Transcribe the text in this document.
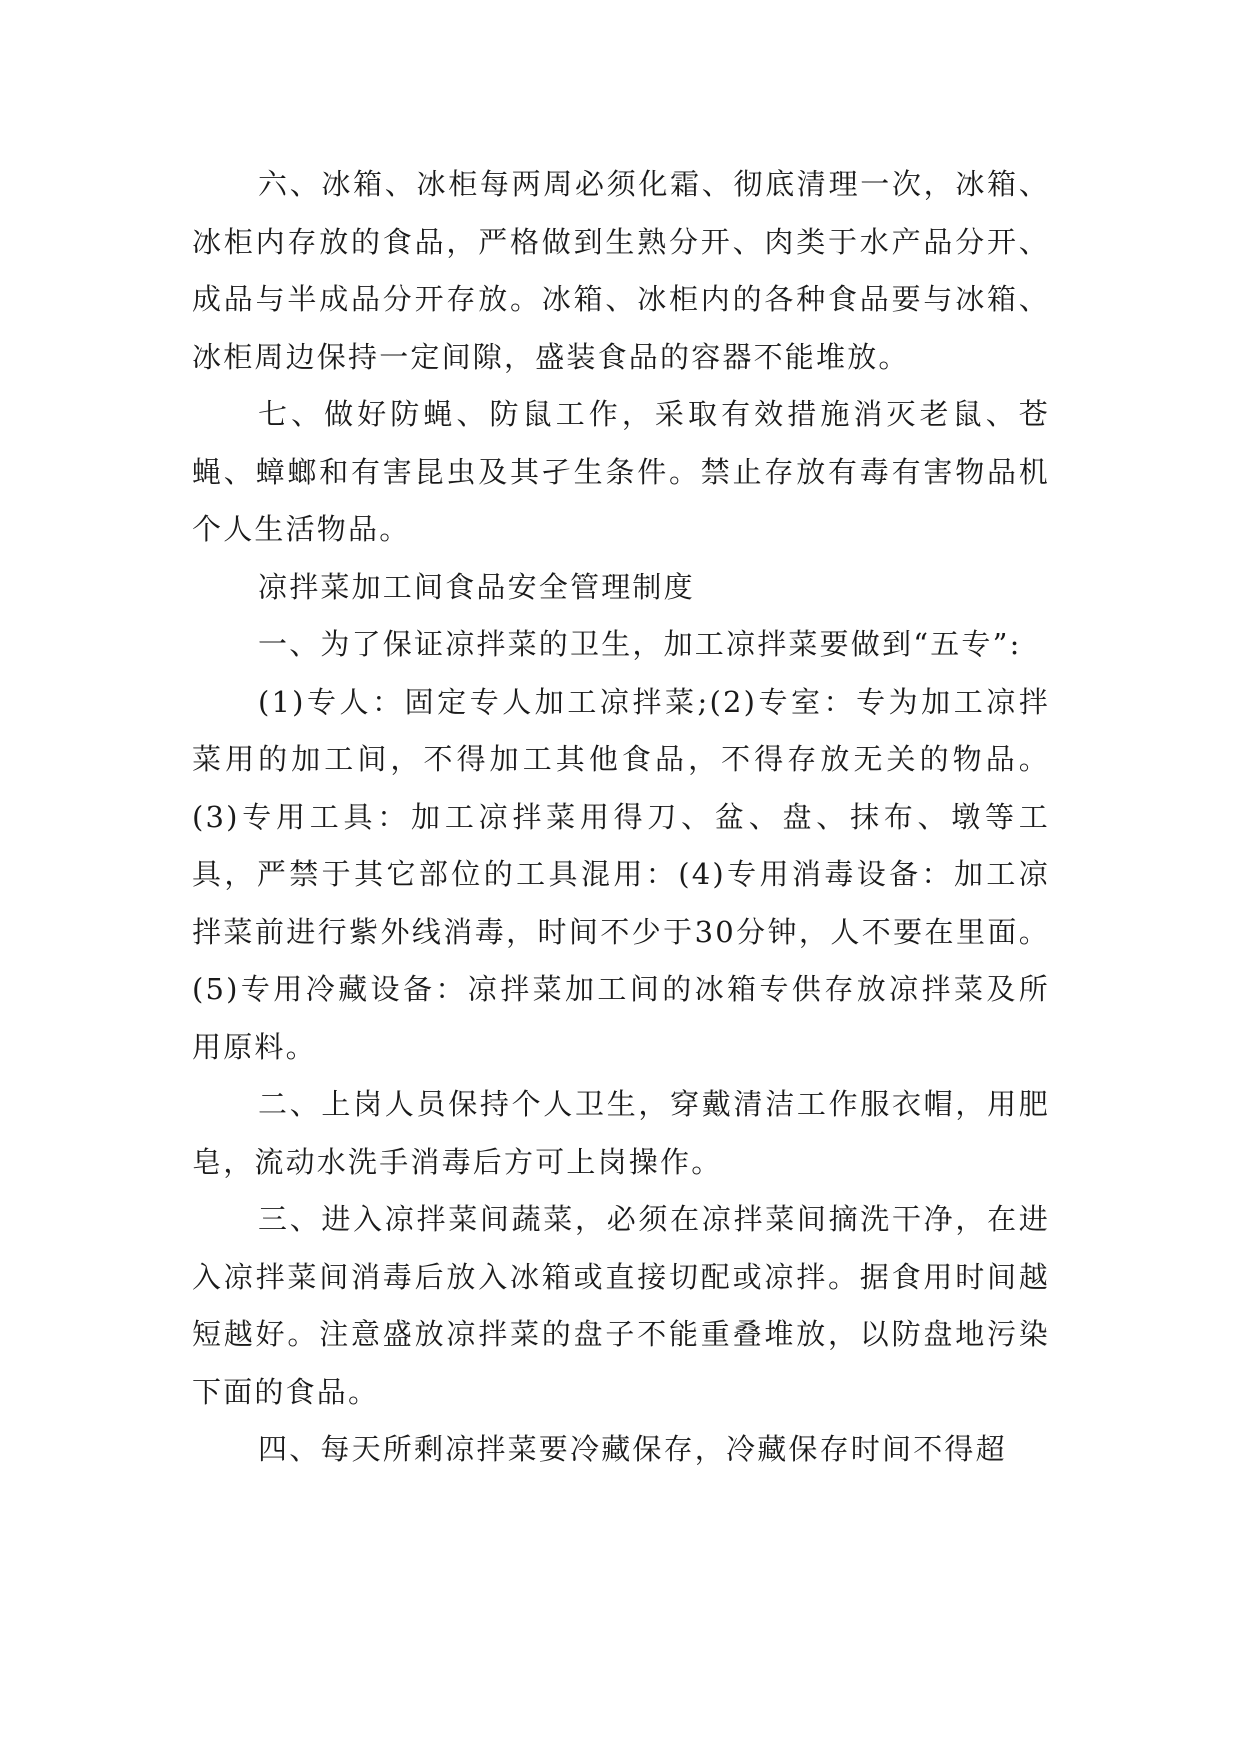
六、冰箱、冰柜每两周必须化霜、彻底清理一次，冰箱、冰柜内存放的食品，严格做到生熟分开、肉类于水产品分开、成品与半成品分开存放。冰箱、冰柜内的各种食品要与冰箱、冰柜周边保持一定间隙，盛装食品的容器不能堆放。

七、做好防蝇、防鼠工作，采取有效措施消灭老鼠、苍蝇、蟑螂和有害昆虫及其孑生条件。禁止存放有毒有害物品机个人生活物品。

凉拌菜加工间食品安全管理制度

一、为了保证凉拌菜的卫生，加工凉拌菜要做到“五专”:

(1)专人：固定专人加工凉拌菜;(2)专室：专为加工凉拌菜用的加工间，不得加工其他食品，不得存放无关的物品。(3)专用工具：加工凉拌菜用得刀、盆、盘、抹布、墩等工具，严禁于其它部位的工具混用：(4)专用消毒设备：加工凉拌菜前进行紫外线消毒，时间不少于30分钟，人不要在里面。(5)专用冷藏设备：凉拌菜加工间的冰箱专供存放凉拌菜及所用原料。

二、上岗人员保持个人卫生，穿戴清洁工作服衣帽，用肥皂，流动水洗手消毒后方可上岗操作。

三、进入凉拌菜间蔬菜，必须在凉拌菜间摘洗干净，在进入凉拌菜间消毒后放入冰箱或直接切配或凉拌。据食用时间越短越好。注意盛放凉拌菜的盘子不能重叠堆放，以防盘地污染下面的食品。

四、每天所剩凉拌菜要冷藏保存，冷藏保存时间不得超
